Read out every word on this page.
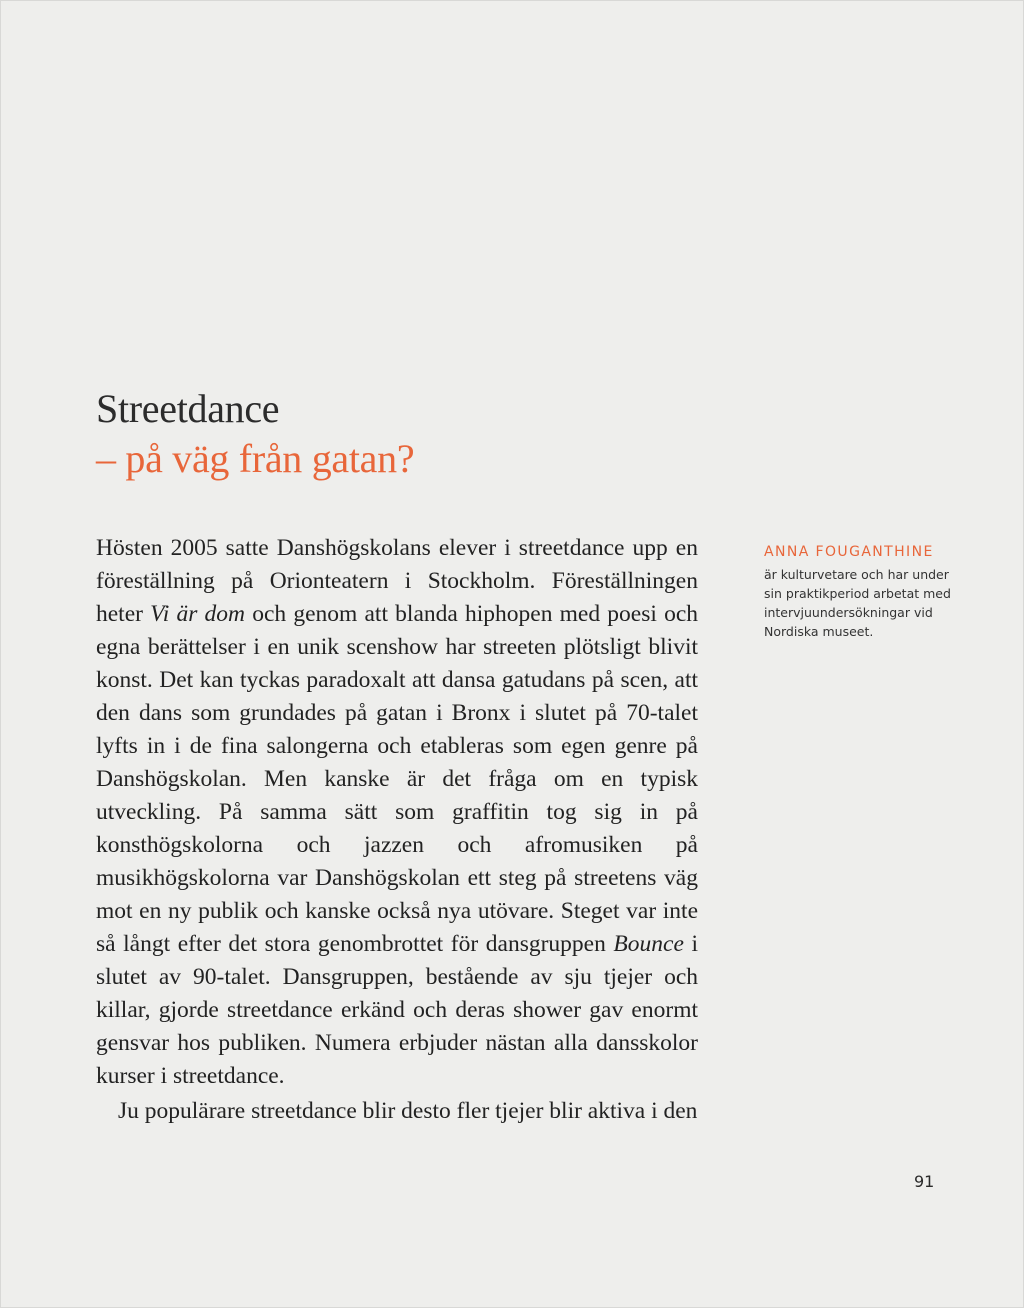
Streetdance
– på väg från gatan?

Hösten 2005 satte Danshögskolans elever i streetdance upp en föreställning på Orionteatern i Stockholm. Föreställningen heter Vi är dom och genom att blanda hiphopen med poesi och egna berättelser i en unik scenshow har streeten plötsligt blivit konst. Det kan tyckas paradoxalt att dansa gatudans på scen, att den dans som grundades på gatan i Bronx i slutet på 70-talet lyfts in i de fina salongerna och etableras som egen genre på Danshögskolan. Men kanske är det fråga om en typisk utveckling. På samma sätt som graffitin tog sig in på konsthögskolorna och jazzen och afromusiken på musikhögskolorna var Danshögskolan ett steg på streetens väg mot en ny publik och kanske också nya utövare. Steget var inte så långt efter det stora genombrottet för dansgruppen Bounce i slutet av 90-talet. Dansgruppen, bestående av sju tjejer och killar, gjorde streetdance erkänd och deras shower gav enormt gensvar hos publiken. Numera erbjuder nästan alla dansskolor kurser i streetdance.

Ju populärare streetdance blir desto fler tjejer blir aktiva i den

ANNA FOUGANTHINE
är kulturvetare och har under sin praktikperiod arbetat med intervjuundersökningar vid Nordiska museet.
91
